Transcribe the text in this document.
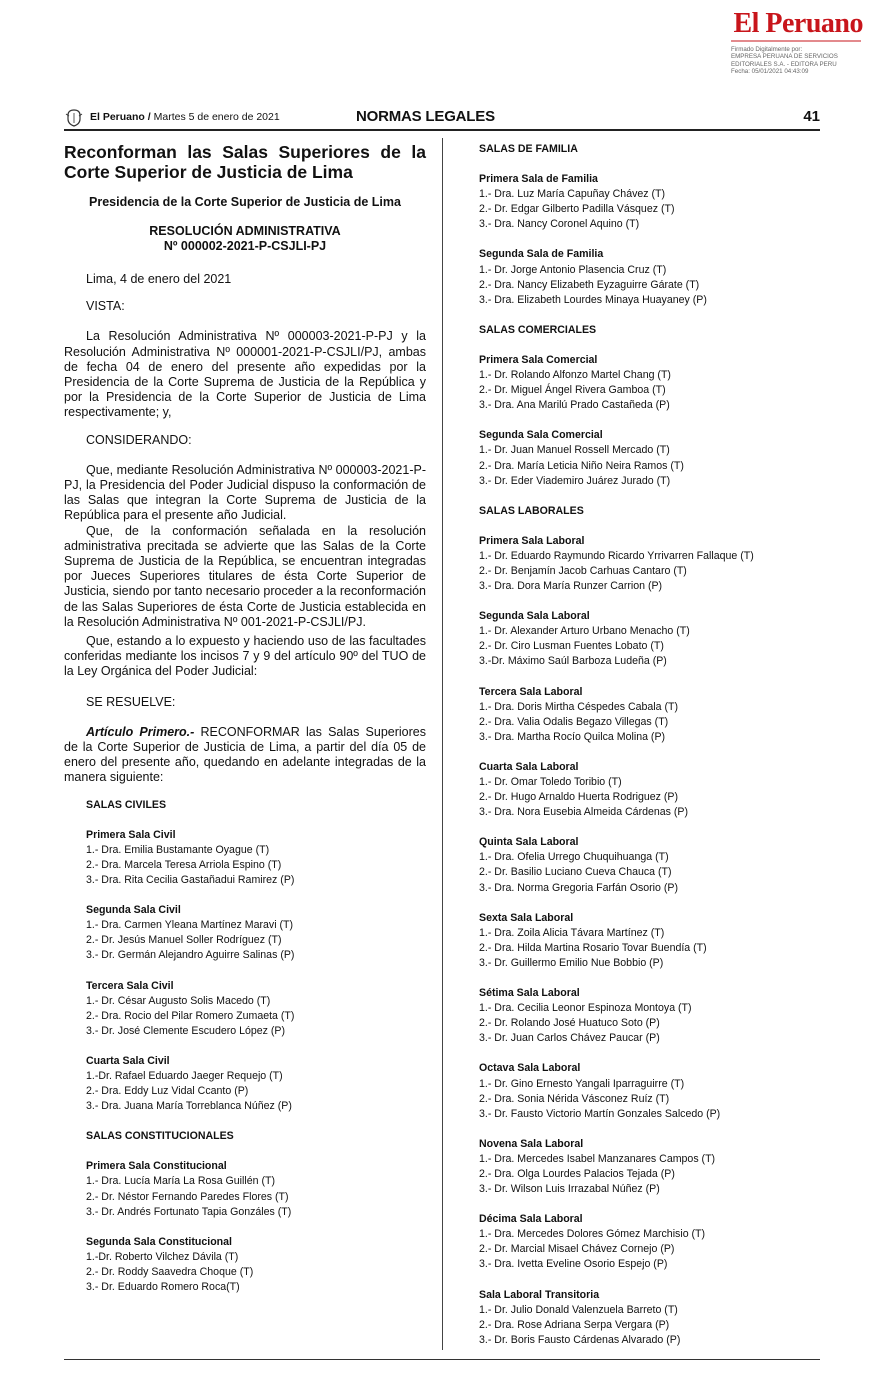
El Peruano
Firmado Digitalmente por:
EMPRESA PERUANA DE SERVICIOS
EDITORIALES S.A. - EDITORA PERU
Fecha: 05/01/2021 04:43:09
El Peruano / Martes 5 de enero de 2021	NORMAS LEGALES	41
Reconforman las Salas Superiores de la Corte Superior de Justicia de Lima
Presidencia de la Corte Superior de Justicia de Lima
RESOLUCIÓN ADMINISTRATIVA
Nº 000002-2021-P-CSJLI-PJ

Lima, 4 de enero del 2021

VISTA:

La Resolución Administrativa Nº 000003-2021-P-PJ y la Resolución Administrativa Nº 000001-2021-P-CSJLI/PJ, ambas de fecha 04 de enero del presente año expedidas por la Presidencia de la Corte Suprema de Justicia de la República y por la Presidencia de la Corte Superior de Justicia de Lima respectivamente; y,

CONSIDERANDO:

Que, mediante Resolución Administrativa Nº 000003-2021-P-PJ, la Presidencia del Poder Judicial dispuso la conformación de las Salas que integran la Corte Suprema de Justicia de la República para el presente año Judicial.

Que, de la conformación señalada en la resolución administrativa precitada se advierte que las Salas de la Corte Suprema de Justicia de la República, se encuentran integradas por Jueces Superiores titulares de ésta Corte Superior de Justicia, siendo por tanto necesario proceder a la reconformación de las Salas Superiores de ésta Corte de Justicia establecida en la Resolución Administrativa Nº 001-2021-P-CSJLI/PJ.

Que, estando a lo expuesto y haciendo uso de las facultades conferidas mediante los incisos 7 y 9 del artículo 90º del TUO de la Ley Orgánica del Poder Judicial:

SE RESUELVE:

Artículo Primero.- RECONFORMAR las Salas Superiores de la Corte Superior de Justicia de Lima, a partir del día 05 de enero del presente año, quedando en adelante integradas de la manera siguiente:

SALAS CIVILES
Primera Sala Civil
1.- Dra. Emilia Bustamante Oyague (T)
2.- Dra. Marcela Teresa Arriola Espino (T)
3.- Dra. Rita Cecilia Gastañadui Ramirez (P)
Segunda Sala Civil
1.- Dra. Carmen Yleana Martínez Maravi (T)
2.- Dr. Jesús Manuel Soller Rodríguez (T)
3.- Dr. Germán Alejandro Aguirre Salinas (P)
Tercera Sala Civil
1.- Dr. César Augusto Solis Macedo (T)
2.- Dra. Rocio del Pilar Romero Zumaeta (T)
3.- Dr. José Clemente Escudero López (P)
Cuarta Sala Civil
1.-Dr. Rafael Eduardo Jaeger Requejo (T)
2.- Dra. Eddy Luz Vidal Ccanto (P)
3.- Dra. Juana María Torreblanca Núñez (P)
SALAS CONSTITUCIONALES
Primera Sala Constitucional
1.- Dra. Lucía María La Rosa Guillén (T)
2.- Dr. Néstor Fernando Paredes Flores (T)
3.- Dr. Andrés Fortunato Tapia Gonzáles (T)
Segunda Sala Constitucional
1.-Dr. Roberto Vilchez Dávila (T)
2.- Dr. Roddy Saavedra Choque (T)
3.- Dr. Eduardo Romero Roca(T)
SALAS DE FAMILIA
Primera Sala de Familia
1.- Dra. Luz María Capuñay Chávez (T)
2.- Dr. Edgar Gilberto Padilla Vásquez (T)
3.- Dra. Nancy Coronel Aquino (T)
Segunda Sala de Familia
1.- Dr. Jorge Antonio Plasencia Cruz (T)
2.- Dra. Nancy Elizabeth Eyzaguirre Gárate (T)
3.- Dra. Elizabeth Lourdes Minaya Huayaney (P)
SALAS COMERCIALES
Primera Sala Comercial
1.- Dr. Rolando Alfonzo Martel Chang (T)
2.- Dr. Miguel Ángel Rivera Gamboa (T)
3.- Dra. Ana Marilú Prado Castañeda (P)
Segunda Sala Comercial
1.- Dr. Juan Manuel Rossell Mercado (T)
2.- Dra. María Leticia Niño Neira Ramos (T)
3.- Dr. Eder Viademiro Juárez Jurado (T)
SALAS LABORALES
Primera Sala Laboral
1.- Dr. Eduardo Raymundo Ricardo Yrrivarren Fallaque (T)
2.- Dr. Benjamín Jacob Carhuas Cantaro (T)
3.- Dra. Dora María Runzer Carrion (P)
Segunda Sala Laboral
1.- Dr. Alexander Arturo Urbano Menacho (T)
2.- Dr. Ciro Lusman Fuentes Lobato (T)
3.-Dr. Máximo Saúl Barboza Ludeña (P)
Tercera Sala Laboral
1.- Dra. Doris Mirtha Céspedes Cabala (T)
2.- Dra. Valia Odalis Begazo Villegas (T)
3.- Dra. Martha Rocío Quilca Molina (P)
Cuarta Sala Laboral
1.- Dr. Omar Toledo Toribio (T)
2.- Dr. Hugo Arnaldo Huerta Rodriguez (P)
3.- Dra. Nora Eusebia Almeida Cárdenas (P)
Quinta Sala Laboral
1.- Dra. Ofelia Urrego Chuquihuanga (T)
2.- Dr. Basilio Luciano Cueva Chauca (T)
3.- Dra. Norma Gregoria Farfán Osorio (P)
Sexta Sala Laboral
1.- Dra. Zoila Alicia Távara Martínez (T)
2.- Dra. Hilda Martina Rosario Tovar Buendía (T)
3.- Dr. Guillermo Emilio Nue Bobbio (P)
Sétima Sala Laboral
1.- Dra. Cecilia Leonor Espinoza Montoya (T)
2.- Dr. Rolando José Huatuco Soto (P)
3.- Dr. Juan Carlos Chávez Paucar (P)
Octava Sala Laboral
1.- Dr. Gino Ernesto Yangali Iparraguirre (T)
2.- Dra. Sonia Nérida Vásconez Ruíz (T)
3.- Dr. Fausto Victorio Martín Gonzales Salcedo (P)
Novena Sala Laboral
1.- Dra. Mercedes Isabel Manzanares Campos (T)
2.- Dra. Olga Lourdes Palacios Tejada (P)
3.- Dr. Wilson Luis Irrazabal Núñez (P)
Décima Sala Laboral
1.- Dra. Mercedes Dolores Gómez Marchisio (T)
2.- Dr. Marcial Misael Chávez Cornejo (P)
3.- Dra. Ivetta Eveline Osorio Espejo (P)
Sala Laboral Transitoria
1.- Dr. Julio Donald Valenzuela Barreto (T)
2.- Dra. Rose Adriana Serpa Vergara (P)
3.- Dr. Boris Fausto Cárdenas Alvarado (P)
